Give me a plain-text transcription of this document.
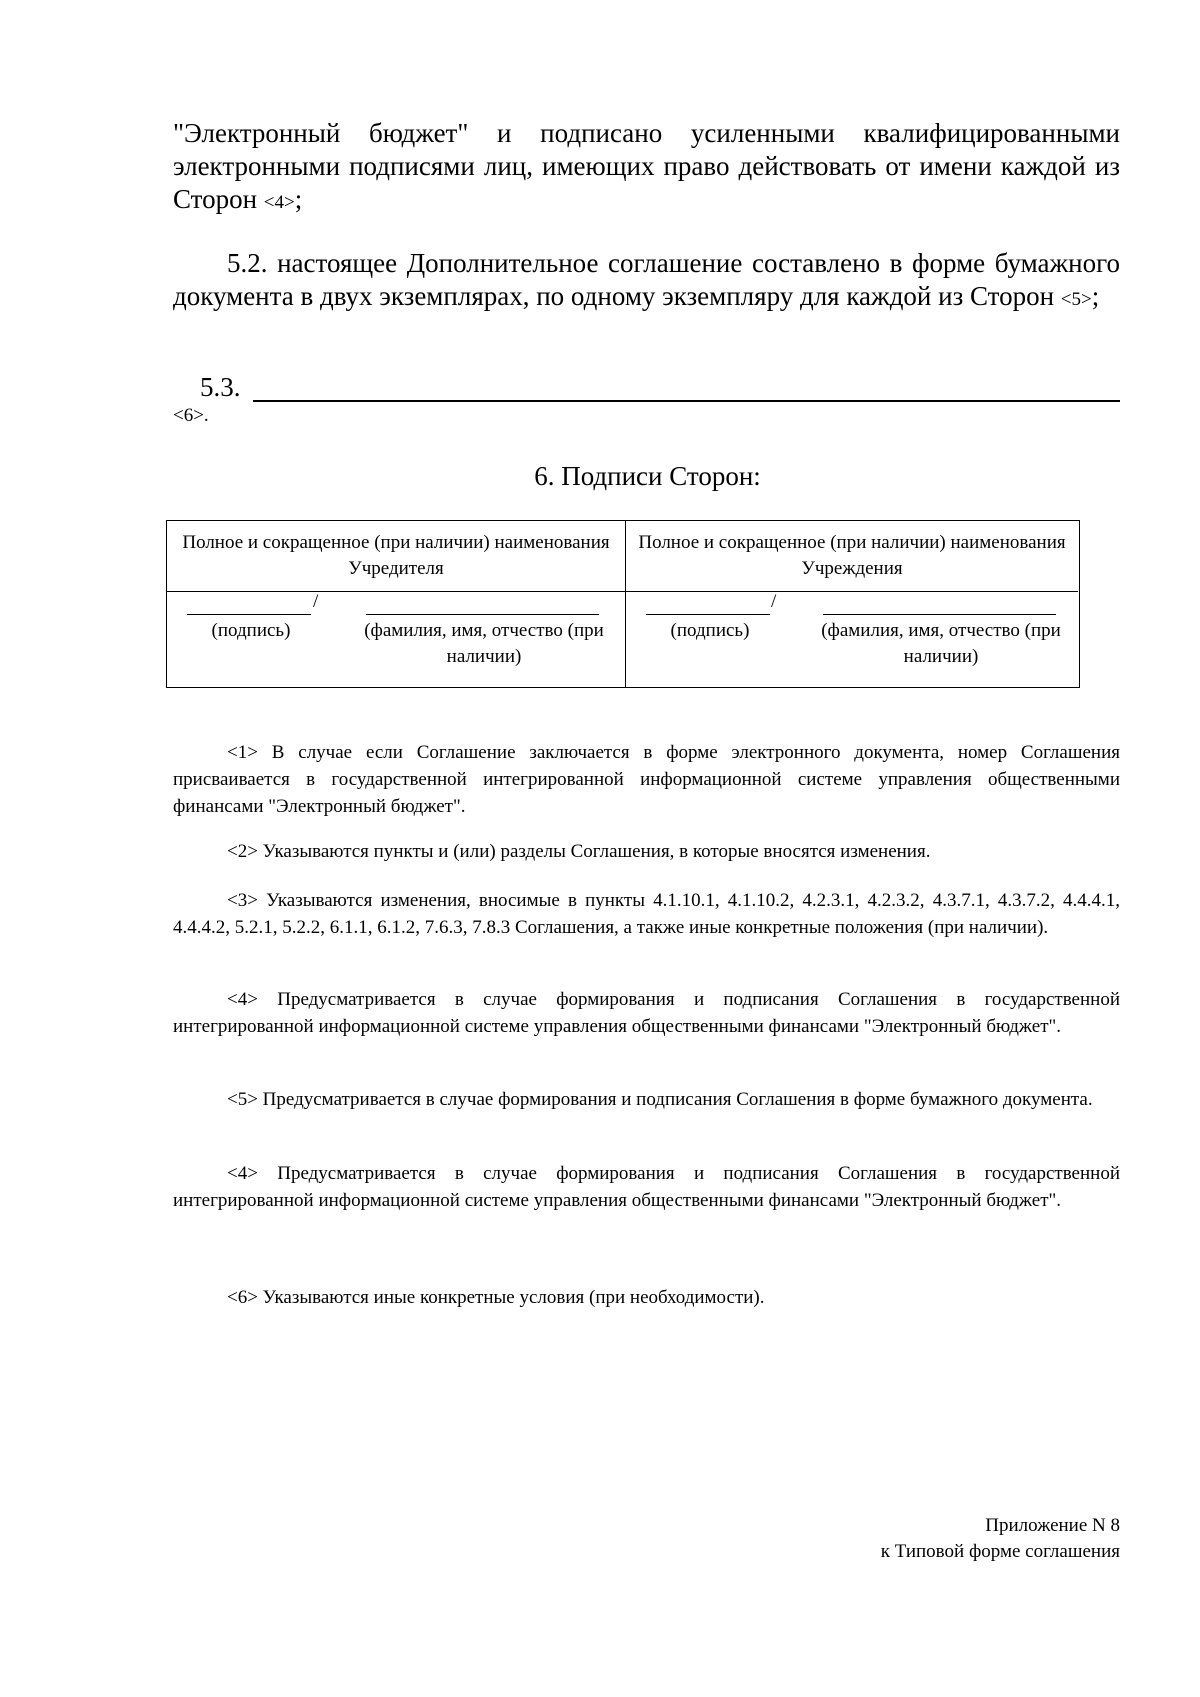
"Электронный бюджет" и подписано усиленными квалифицированными электронными подписями лиц, имеющих право действовать от имени каждой из Сторон <4>;

5.2. настоящее Дополнительное соглашение составлено в форме бумажного документа в двух экземплярах, по одному экземпляру для каждой из Сторон <5>;

5.3.
<6>.
6. Подписи Сторон:
Полное и сокращенное (при наличии) наименования Учредителя
Полное и сокращенное (при наличии) наименования Учреждения
/
(подпись)	(фамилия, имя, отчество (при наличии)
/
(подпись)	(фамилия, имя, отчество (при наличии)

<1> В случае если Соглашение заключается в форме электронного документа, номер Соглашения присваивается в государственной интегрированной информационной системе управления общественными финансами "Электронный бюджет".

<2> Указываются пункты и (или) разделы Соглашения, в которые вносятся изменения.

<3> Указываются изменения, вносимые в пункты 4.1.10.1, 4.1.10.2, 4.2.3.1, 4.2.3.2, 4.3.7.1, 4.3.7.2, 4.4.4.1, 4.4.4.2, 5.2.1, 5.2.2, 6.1.1, 6.1.2, 7.6.3, 7.8.3 Соглашения, а также иные конкретные положения (при наличии).

<4> Предусматривается в случае формирования и подписания Соглашения в государственной интегрированной информационной системе управления общественными финансами "Электронный бюджет".

<5> Предусматривается в случае формирования и подписания Соглашения в форме бумажного документа.

<4> Предусматривается в случае формирования и подписания Соглашения в государственной интегрированной информационной системе управления общественными финансами "Электронный бюджет".

<6> Указываются иные конкретные условия (при необходимости).

Приложение N 8
к Типовой форме соглашения
